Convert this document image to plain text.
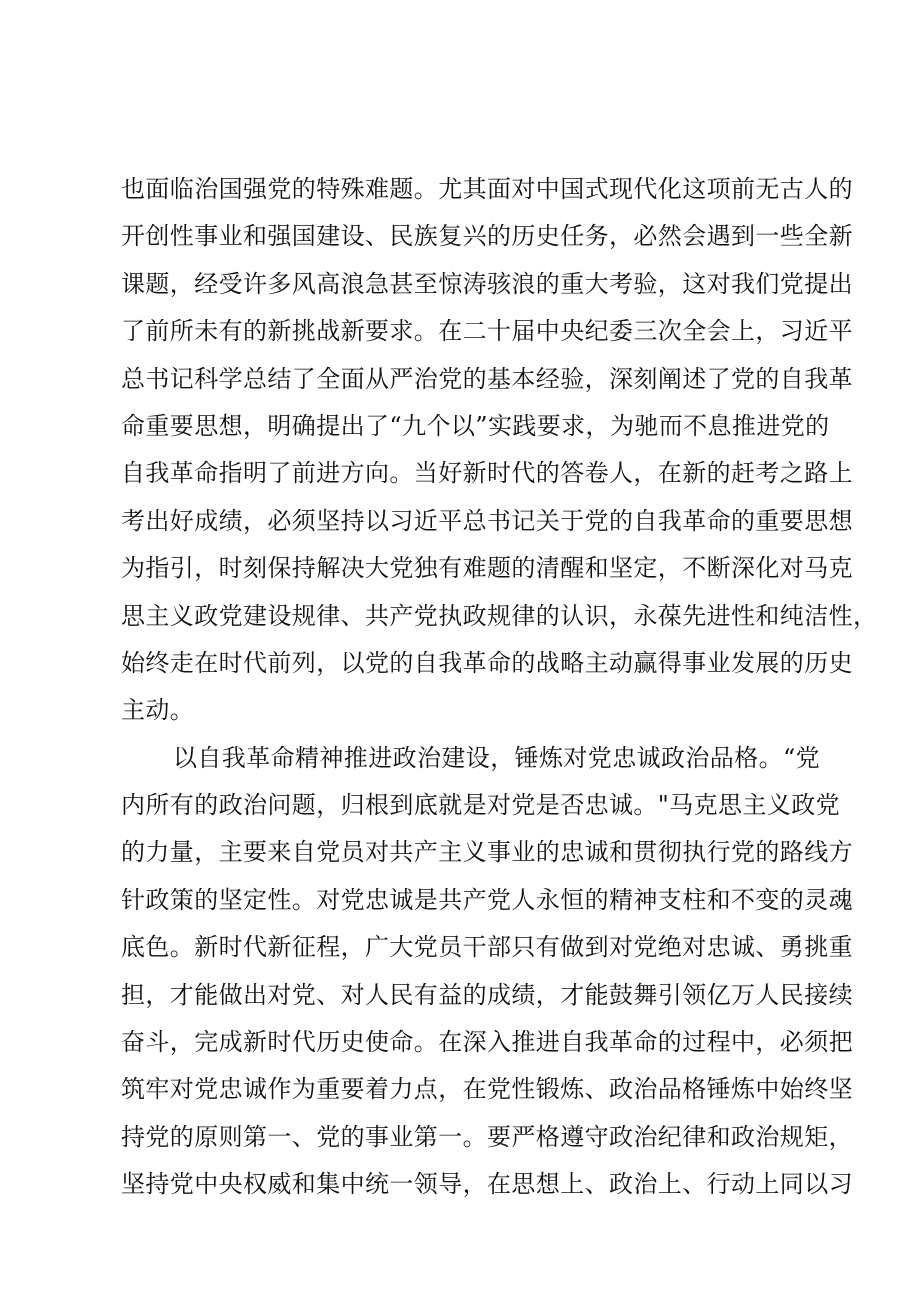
也面临治国强党的特殊难题。尤其面对中国式现代化这项前无古人的
开创性事业和强国建设、民族复兴的历史任务，必然会遇到一些全新
课题，经受许多风高浪急甚至惊涛骇浪的重大考验，这对我们党提出
了前所未有的新挑战新要求。在二十届中央纪委三次全会上，习近平
总书记科学总结了全面从严治党的基本经验，深刻阐述了党的自我革
命重要思想，明确提出了“九个以”实践要求，为驰而不息推进党的
自我革命指明了前进方向。当好新时代的答卷人，在新的赶考之路上
考出好成绩，必须坚持以习近平总书记关于党的自我革命的重要思想
为指引，时刻保持解决大党独有难题的清醒和坚定，不断深化对马克
思主义政党建设规律、共产党执政规律的认识，永葆先进性和纯洁性，
始终走在时代前列，以党的自我革命的战略主动赢得事业发展的历史
主动。
以自我革命精神推进政治建设，锤炼对党忠诚政治品格。“党
内所有的政治问题，归根到底就是对党是否忠诚。"马克思主义政党
的力量，主要来自党员对共产主义事业的忠诚和贯彻执行党的路线方
针政策的坚定性。对党忠诚是共产党人永恒的精神支柱和不变的灵魂
底色。新时代新征程，广大党员干部只有做到对党绝对忠诚、勇挑重
担，才能做出对党、对人民有益的成绩，才能鼓舞引领亿万人民接续
奋斗，完成新时代历史使命。在深入推进自我革命的过程中，必须把
筑牢对党忠诚作为重要着力点，在党性锻炼、政治品格锤炼中始终坚
持党的原则第一、党的事业第一。要严格遵守政治纪律和政治规矩，
坚持党中央权威和集中统一领导，在思想上、政治上、行动上同以习
